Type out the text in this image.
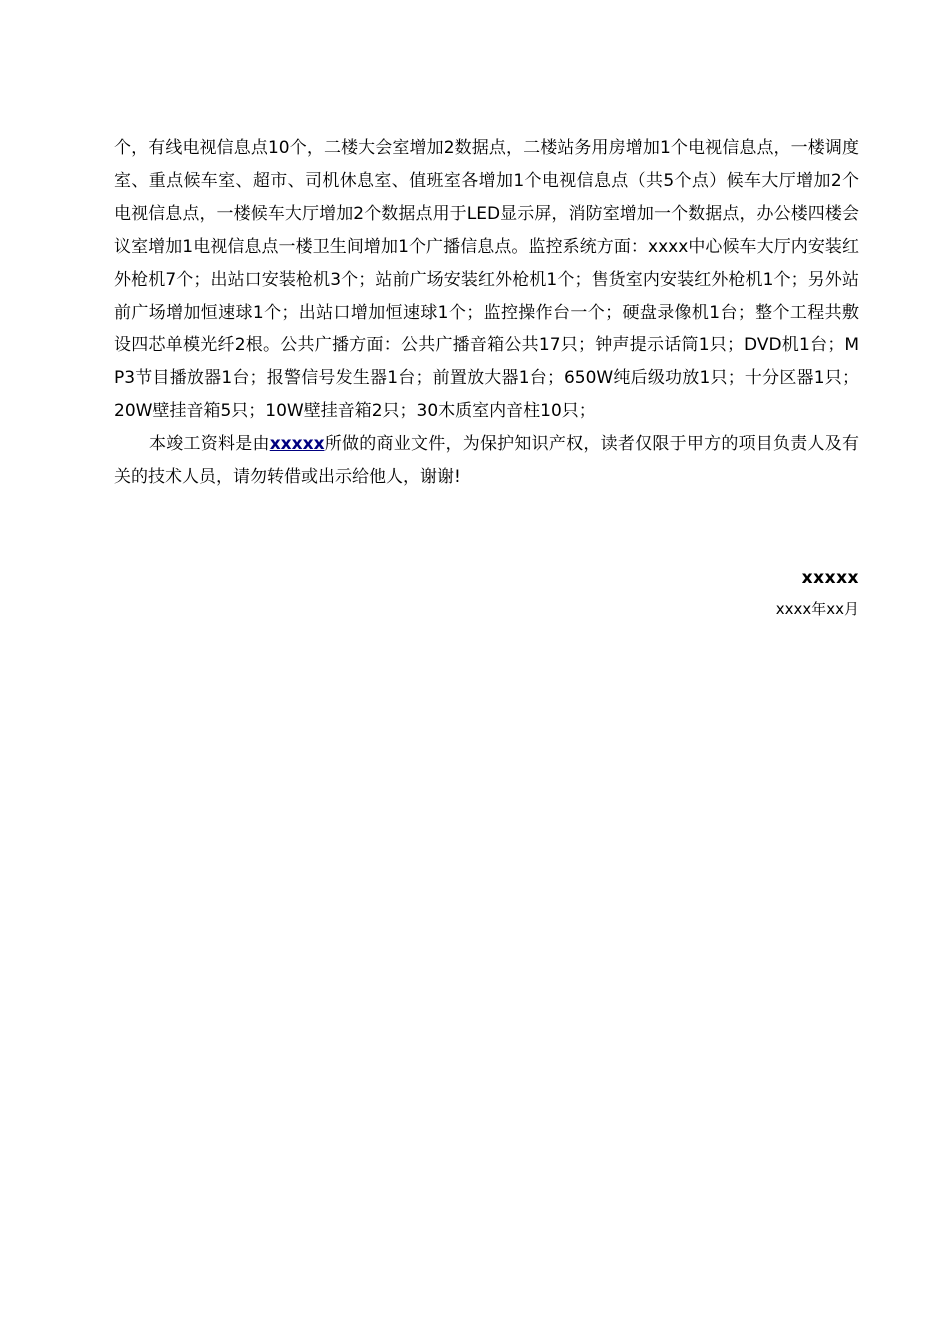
个，有线电视信息点10个，二楼大会室增加2数据点，二楼站务用房增加1个电视信息点，一楼调度室、重点候车室、超市、司机休息室、值班室各增加1个电视信息点（共5个点）候车大厅增加2个电视信息点，一楼候车大厅增加2个数据点用于LED显示屏，消防室增加一个数据点，办公楼四楼会议室增加1电视信息点一楼卫生间增加1个广播信息点。监控系统方面：xxxx中心候车大厅内安装红外枪机7个；出站口安装枪机3个；站前广场安装红外枪机1个；售货室内安装红外枪机1个；另外站前广场增加恒速球1个；出站口增加恒速球1个；监控操作台一个；硬盘录像机1台；整个工程共敷设四芯单模光纤2根。公共广播方面：公共广播音箱公共17只；钟声提示话筒1只；DVD机1台；MP3节目播放器1台；报警信号发生器1台；前置放大器1台；650W纯后级功放1只；十分区器1只；20W壁挂音箱5只；10W壁挂音箱2只；30木质室内音柱10只；

本竣工资料是由xxxxx所做的商业文件，为保护知识产权，读者仅限于甲方的项目负责人及有关的技术人员，请勿转借或出示给他人，谢谢!

xxxxx
xxxx年xx月
